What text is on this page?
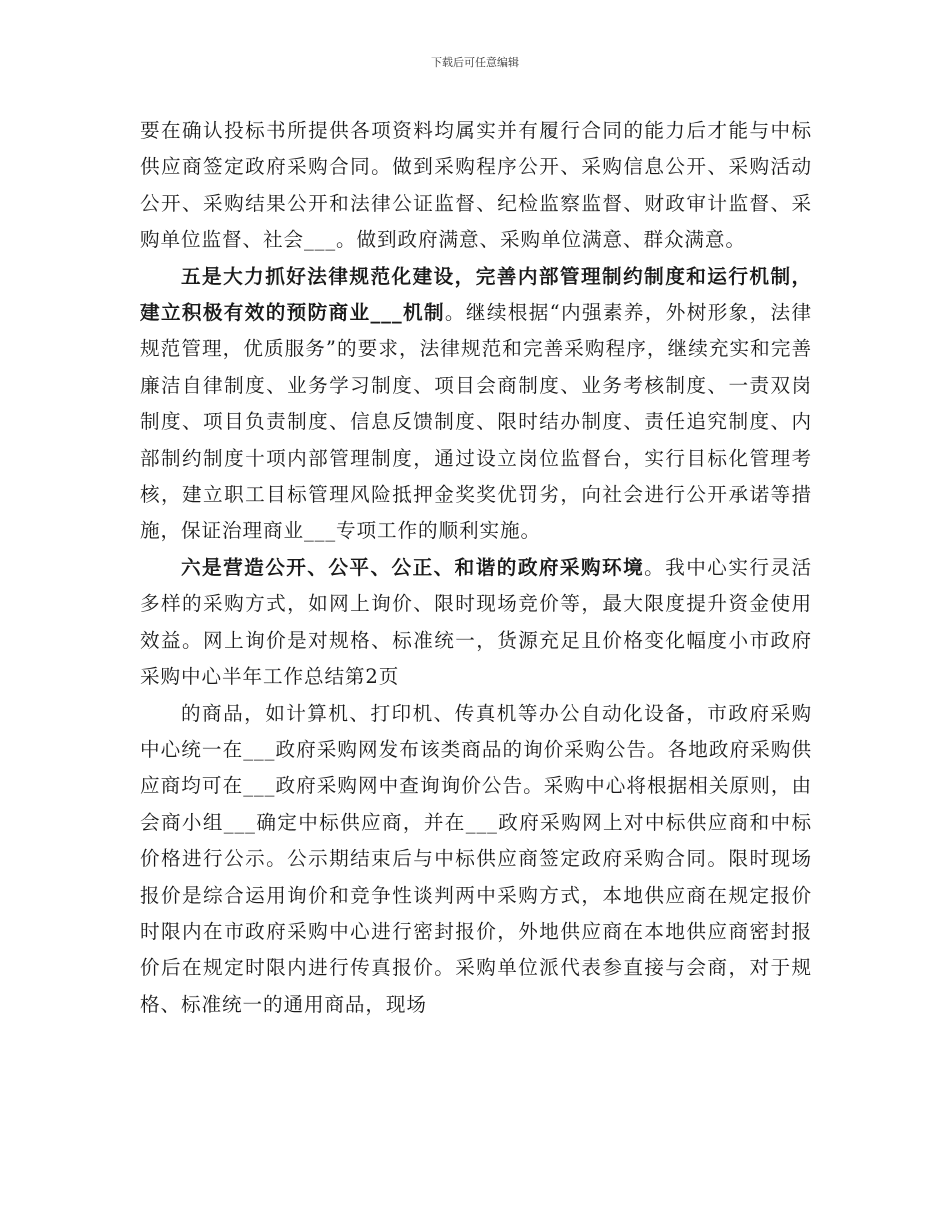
下载后可任意编辑

要在确认投标书所提供各项资料均属实并有履行合同的能力后才能与中标供应商签定政府采购合同。做到采购程序公开、采购信息公开、采购活动公开、采购结果公开和法律公证监督、纪检监察监督、财政审计监督、采购单位监督、社会___。做到政府满意、采购单位满意、群众满意。

五是大力抓好法律规范化建设，完善内部管理制约制度和运行机制，建立积极有效的预防商业___机制。继续根据“内强素养，外树形象，法律规范管理，优质服务”的要求，法律规范和完善采购程序，继续充实和完善廉洁自律制度、业务学习制度、项目会商制度、业务考核制度、一责双岗制度、项目负责制度、信息反馈制度、限时结办制度、责任追究制度、内部制约制度十项内部管理制度，通过设立岗位监督台，实行目标化管理考核，建立职工目标管理风险抵押金奖奖优罚劣，向社会进行公开承诺等措施，保证治理商业___专项工作的顺利实施。

六是营造公开、公平、公正、和谐的政府采购环境。我中心实行灵活多样的采购方式，如网上询价、限时现场竞价等，最大限度提升资金使用效益。网上询价是对规格、标准统一，货源充足且价格变化幅度小市政府采购中心半年工作总结第2页

的商品，如计算机、打印机、传真机等办公自动化设备，市政府采购中心统一在___政府采购网发布该类商品的询价采购公告。各地政府采购供应商均可在___政府采购网中查询询价公告。采购中心将根据相关原则，由会商小组___确定中标供应商，并在___政府采购网上对中标供应商和中标价格进行公示。公示期结束后与中标供应商签定政府采购合同。限时现场报价是综合运用询价和竞争性谈判两中采购方式，本地供应商在规定报价时限内在市政府采购中心进行密封报价，外地供应商在本地供应商密封报价后在规定时限内进行传真报价。采购单位派代表参直接与会商，对于规格、标准统一的通用商品，现场
